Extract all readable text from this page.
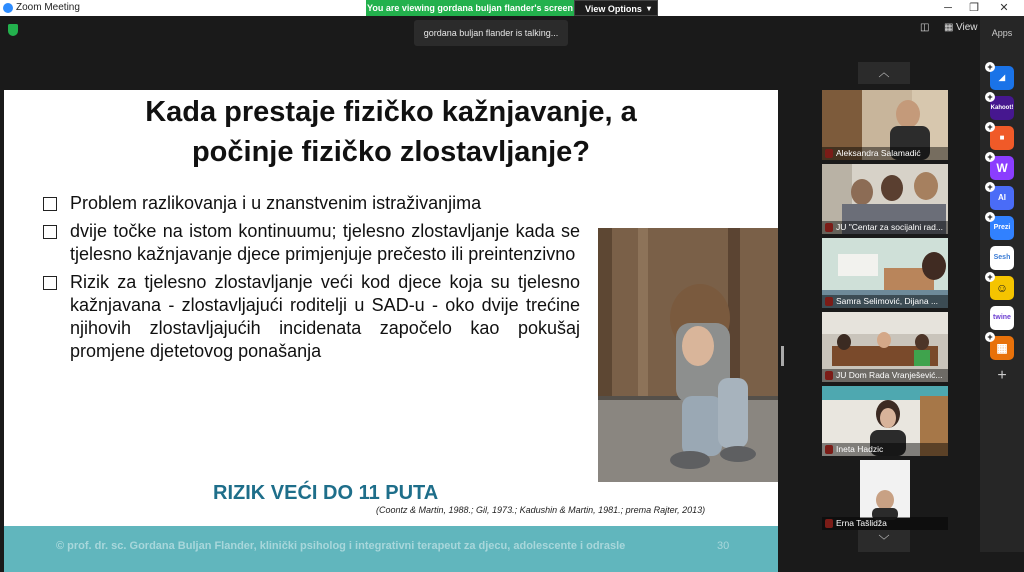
Zoom Meeting	─	❐	✕
You are viewing gordana buljan flander's screen	View Options ▾
gordana buljan flander is talking...	◫ ▦ View
Kada prestaje fizičko kažnjavanje, a
počinje fizičko zlostavljanje?
Problem razlikovanja i u znanstvenim istraživanjima
dvije točke na istom kontinuumu; tjelesno zlostavljanje kada se tjelesno kažnjavanje djece primjenjuje prečesto ili preintenzivno
Rizik za tjelesno zlostavljanje veći kod djece koja su tjelesno kažnjavana - zlostavljajući roditelji u SAD-u - oko dvije trećine njihovih zlostavljajućih incidenata započelo kao pokušaj promjene djetetovog ponašanja
RIZIK VEĆI DO 11 PUTA
(Coontz & Martin, 1988.; Gil, 1973.; Kadushin & Martin, 1981.; prema Rajter, 2013)
© prof. dr. sc. Gordana Buljan Flander, klinički psiholog i integrativni terapeut za djecu, adolescente i odrasle	30
︿
Aleksandra Salamadić
JU "Centar za socijalni rad...
Samra Selimović, Dijana ...
JU Dom Rada Vranješević...
Ineta Hadzic
Erna Tašlidža
﹀
Apps
+
◢
+
Kahoot!
+
■
+
W
+
AI
+
Prezi
Sesh
+
☺
twine
+
▦
+
